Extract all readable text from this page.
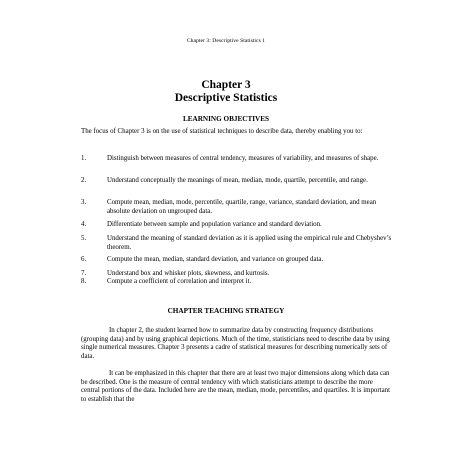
Chapter 3: Descriptive Statistics 1
Chapter 3
Descriptive Statistics
LEARNING OBJECTIVES

The focus of Chapter 3 is on the use of statistical techniques to describe data, thereby enabling you to:

1.	Distinguish between measures of central tendency, measures of variability, and measures of shape.
2.	Understand conceptually the meanings of mean, median, mode, quartile, percentile, and range.
3.	Compute mean, median, mode, percentile, quartile, range, variance, standard deviation, and mean absolute deviation on ungrouped data.
4.	Differentiate between sample and population variance and standard deviation.
5.	Understand the meaning of standard deviation as it is applied using the empirical rule and Chebyshev’s theorem.
6.	Compute the mean, median, standard deviation, and variance on grouped data.
7.	Understand box and whisker plots, skewness, and kurtosis.
8.	Compute a coefficient of correlation and interpret it.
CHAPTER TEACHING STRATEGY

In chapter 2, the student learned how to summarize data by constructing frequency distributions (grouping data) and by using graphical depictions. Much of the time, statisticians need to describe data by using single numerical measures. Chapter 3 presents a cadre of statistical measures for describing numerically sets of data.

It can be emphasized in this chapter that there are at least two major dimensions along which data can be described. One is the measure of central tendency with which statisticians attempt to describe the more central portions of the data. Included here are the mean, median, mode, percentiles, and quartiles. It is important to establish that the
